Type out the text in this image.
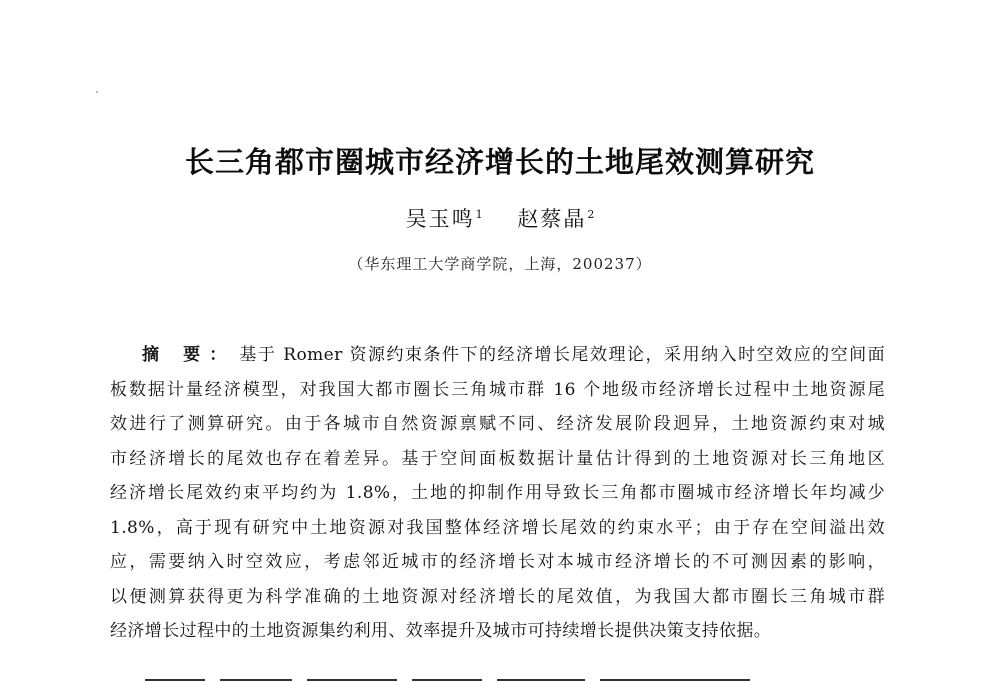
长三角都市圈城市经济增长的土地尾效测算研究
吴玉鸣$^1$ 赵蔡晶$^2$
（华东理工大学商学院，上海，200237）
摘 要： 基于 Romer 资源约束条件下的经济增长尾效理论，采用纳入时空效应的空间面
板数据计量经济模型，对我国大都市圈长三角城市群 16 个地级市经济增长过程中土地资源尾
效进行了测算研究。由于各城市自然资源禀赋不同、经济发展阶段迥异，土地资源约束对城
市经济增长的尾效也存在着差异。基于空间面板数据计量估计得到的土地资源对长三角地区
经济增长尾效约束平均约为 1.8%，土地的抑制作用导致长三角都市圈城市经济增长年均减少
1.8%，高于现有研究中土地资源对我国整体经济增长尾效的约束水平；由于存在空间溢出效
应，需要纳入时空效应，考虑邻近城市的经济增长对本城市经济增长的不可测因素的影响，
以便测算获得更为科学准确的土地资源对经济增长的尾效值，为我国大都市圈长三角城市群
经济增长过程中的土地资源集约利用、效率提升及城市可持续增长提供决策支持依据。
